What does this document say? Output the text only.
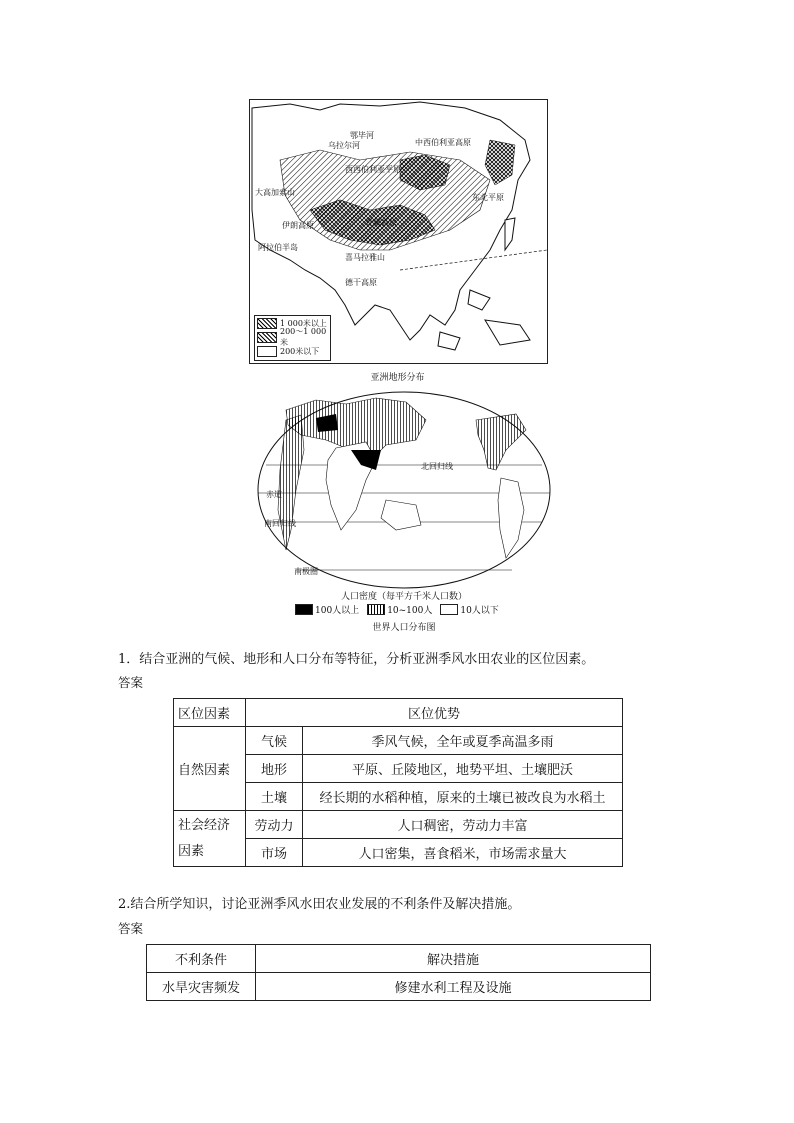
乌拉尔河
鄂毕河
西西伯利亚平原
中西伯利亚高原
大高加索山
伊朗高原
阿拉伯半岛
青藏高原
德干高原
喜马拉雅山
东北平原
1 000米以上
200～1 000米
200米以下
亚洲地形分布
北回归线
赤道
南回归线
南极圈
人口密度（每平方千米人口数）
100人以上	10~100人	10人以下
世界人口分布图
1．结合亚洲的气候、地形和人口分布等特征，分析亚洲季风水田农业的区位因素。
答案
区位因素	区位优势	
自然因素	气候	季风气候，全年或夏季高温多雨
	地形	平原、丘陵地区，地势平坦、土壤肥沃
	土壤	经长期的水稻种植，原来的土壤已被改良为水稻土

社会经济
因素	劳动力	人口稠密，劳动力丰富
	市场	人口密集，喜食稻米，市场需求量大
2.结合所学知识，讨论亚洲季风水田农业发展的不利条件及解决措施。
答案
不利条件	解决措施
水旱灾害频发	修建水利工程及设施
